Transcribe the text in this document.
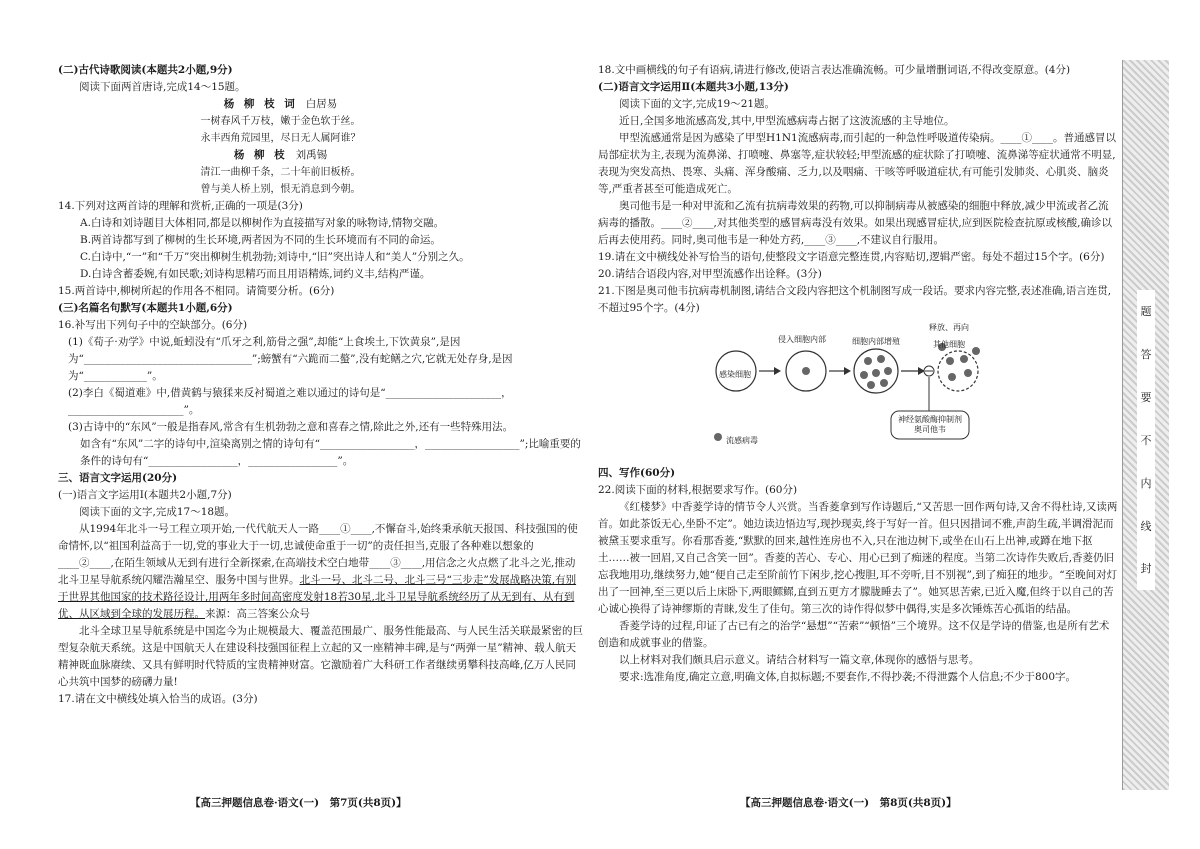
(二)古代诗歌阅读(本题共2小题,9分)

阅读下面两首唐诗,完成14～15题。

杨 柳 枝 词 白居易

一树春风千万枝，嫩于金色软于丝。

永丰西角荒园里，尽日无人属阿谁？

杨 柳 枝 刘禹锡

清江一曲柳千条，二十年前旧板桥。

曾与美人桥上别，恨无消息到今朝。

14.下列对这两首诗的理解和赏析,正确的一项是(3分)

A.白诗和刘诗题目大体相同,都是以柳树作为直接描写对象的咏物诗,情物交融。

B.两首诗都写到了柳树的生长环境,两者因为不同的生长环境而有不同的命运。

C.白诗中,“一”和“千万”突出柳树生机勃勃;刘诗中,“旧”突出诗人和“美人”分别之久。

D.白诗含蓄委婉,有如民歌;刘诗构思精巧而且用语精炼,词约义丰,结构严谨。

15.两首诗中,柳树所起的作用各不相同。请简要分析。(6分)

(三)名篇名句默写(本题共1小题,6分)

16.补写出下列句子中的空缺部分。(6分)

(1)《荀子·劝学》中说,蚯蚓没有“爪牙之利,筋骨之强”,却能“上食埃土,下饮黄泉”,是因为“________________________________”;螃蟹有“六跪而二螯”,没有蛇鳝之穴,它就无处存身,是因为“____________”。

(2)李白《蜀道难》中,借黄鹤与猿猱来反衬蜀道之难以通过的诗句是“______________________，______________________”。

(3)古诗中的“东风”一般是指春风,常含有生机勃勃之意和喜春之情,除此之外,还有一些特殊用法。

如含有“东风”二字的诗句中,渲染离别之情的诗句有“__________________，__________________”;比喻重要的条件的诗句有“_________________，_________________”。

三、语言文字运用(20分)

(一)语言文字运用Ⅰ(本题共2小题,7分)

阅读下面的文字,完成17～18题。

从1994年北斗一号工程立项开始,一代代航天人一路____①____,不懈奋斗,始终秉承航天报国、科技强国的使命情怀,以“祖国利益高于一切,党的事业大于一切,忠诚使命重于一切”的责任担当,克服了各种难以想象的____②____,在陌生领域从无到有进行全新探索,在高端技术空白地带____③____,用信念之火点燃了北斗之光,推动北斗卫星导航系统闪耀浩瀚星空、服务中国与世界。北斗一号、北斗二号、北斗三号“三步走”发展战略决策,有别于世界其他国家的技术路径设计,用两年多时间高密度发射18若30星,北斗卫星导航系统经历了从无到有、从有到优、从区域到全球的发展历程。来源：高三答案公众号

北斗全球卫星导航系统是中国迄今为止规模最大、覆盖范围最广、服务性能最高、与人民生活关联最紧密的巨型复杂航天系统。这是中国航天人在建设科技强国征程上立起的又一座精神丰碑,是与“两弹一星”精神、载人航天精神既血脉赓续、又具有鲜明时代特质的宝贵精神财富。它激励着广大科研工作者继续勇攀科技高峰,亿万人民同心共筑中国梦的磅礴力量!

17.请在文中横线处填入恰当的成语。(3分)

18.文中画横线的句子有语病,请进行修改,使语言表达准确流畅。可少量增删词语,不得改变原意。(4分)

(二)语言文字运用Ⅱ(本题共3小题,13分)

阅读下面的文字,完成19～21题。

近日,全国多地流感高发,其中,甲型流感病毒占据了这波流感的主导地位。

甲型流感通常是因为感染了甲型H1N1流感病毒,而引起的一种急性呼吸道传染病。____①____。普通感冒以局部症状为主,表现为流鼻涕、打喷嚏、鼻塞等,症状较轻;甲型流感的症状除了打喷嚏、流鼻涕等症状通常不明显,表现为突发高热、畏寒、头痛、浑身酸痛、乏力,以及咽痛、干咳等呼吸道症状,有可能引发肺炎、心肌炎、脑炎等,严重者甚至可能造成死亡。

奥司他韦是一种对甲流和乙流有抗病毒效果的药物,可以抑制病毒从被感染的细胞中释放,减少甲流或者乙流病毒的播散。____②____,对其他类型的感冒病毒没有效果。如果出现感冒症状,应到医院检查抗原或核酸,确诊以后再去使用药。同时,奥司他韦是一种处方药,____③____,不建议自行服用。

19.请在文中横线处补写恰当的语句,使整段文字语意完整连贯,内容贴切,逻辑严密。每处不超过15个字。(6分)

20.请结合语段内容,对甲型流感作出诠释。(3分)

21.下图是奥司他韦抗病毒机制图,请结合文段内容把这个机制图写成一段话。要求内容完整,表述准确,语言连贯,不超过95个字。(4分)

释放、再向
其他细胞
侵入细胞内部	细胞内部增殖
感染细胞
流感病毒
神经氨酸酶抑制剂
奥司他韦

四、写作(60分)

22.阅读下面的材料,根据要求写作。(60分)

《红楼梦》中香菱学诗的情节令人兴赏。当香菱拿到写作诗题后,“又苦思一回作两句诗,又舍不得杜诗,又读两首。如此茶饭无心,坐卧不定”。她边读边悟边写,现抄现卖,终于写好一首。但只因措词不雅,声韵生疏,半调滑泥而被黛玉要求重写。你看那香菱,“默默的回来,越性连房也不入,只在池边树下,或坐在山石上出神,或蹲在地下抠土……被一回眉,又自己含笑一回”。香菱的苦心、专心、用心已到了痴迷的程度。当第二次诗作失败后,香菱仍旧忘我地用功,继续努力,她“便自己走至阶前竹下闲步,挖心搜胆,耳不旁听,目不别视”,到了痴狂的地步。“至晚间对灯出了一回神,至三更以后上床卧下,两眼鳏鳏,直到五更方才朦胧睡去了”。她冥思苦索,已近入魔,但终于以自己的苦心诚心换得了诗神缪斯的青睐,发生了佳句。第三次的诗作得似梦中偶得,实是多次锤炼苦心孤诣的结晶。

香菱学诗的过程,印证了古已有之的治学“悬想”“苦索”“顿悟”三个境界。这不仅是学诗的借鉴,也是所有艺术创造和成就事业的借鉴。

以上材料对我们颇具启示意义。请结合材料写一篇文章,体现你的感悟与思考。

要求:选准角度,确定立意,明确文体,自拟标题;不要套作,不得抄袭;不得泄露个人信息;不少于800字。

【高三押题信息卷·语文(一)　第7页(共8页)】	【高三押题信息卷·语文(一)　第8页(共8页)】
题
答
要
不
内
线
封
